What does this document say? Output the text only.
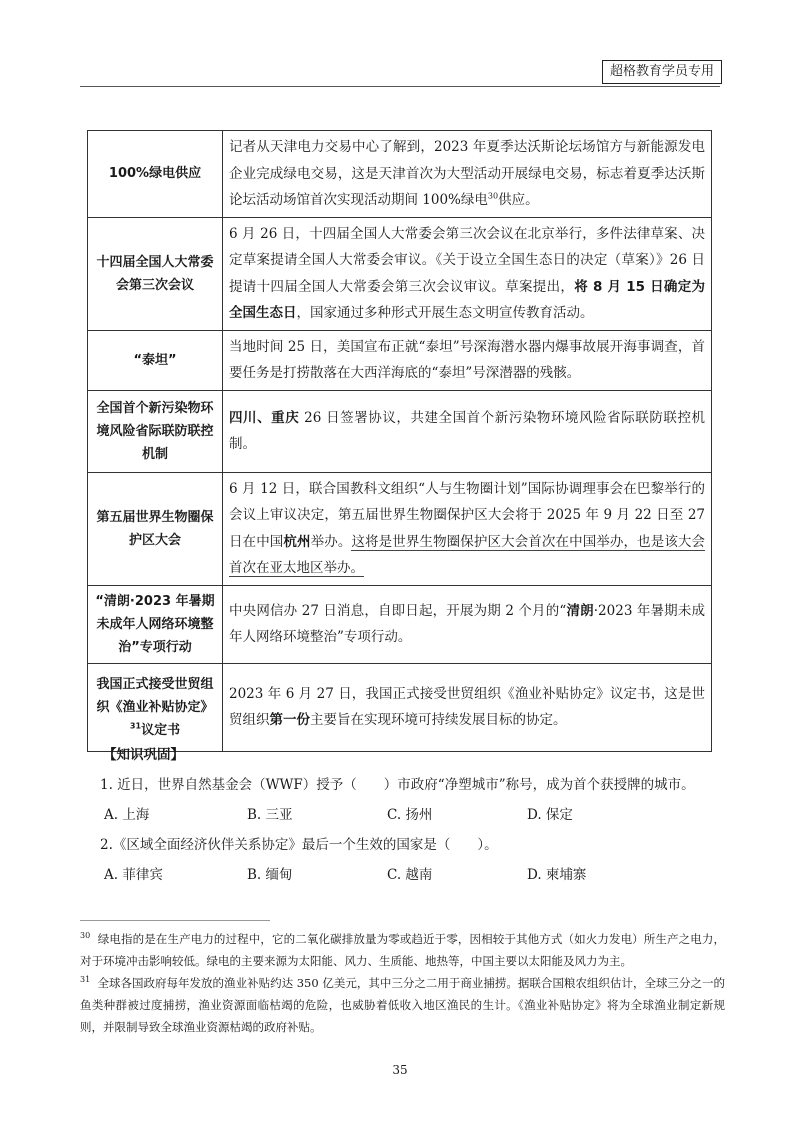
超格教育学员专用
100%绿电供应	记者从天津电力交易中心了解到，2023 年夏季达沃斯论坛场馆方与新能源发电企业完成绿电交易，这是天津首次为大型活动开展绿电交易，标志着夏季达沃斯论坛活动场馆首次实现活动期间 100%绿电$^{30}$供应。
十四届全国人大常委会第三次会议	6 月 26 日，十四届全国人大常委会第三次会议在北京举行，多件法律草案、决定草案提请全国人大常委会审议。《关于设立全国生态日的决定（草案）》26 日提请十四届全国人大常委会第三次会议审议。草案提出，将 8 月 15 日确定为全国生态日，国家通过多种形式开展生态文明宣传教育活动。
“泰坦”	当地时间 25 日，美国宣布正就“泰坦”号深海潜水器内爆事故展开海事调查，首要任务是打捞散落在大西洋海底的“泰坦”号深潜器的残骸。
全国首个新污染物环境风险省际联防联控机制	四川、重庆 26 日签署协议，共建全国首个新污染物环境风险省际联防联控机制。
第五届世界生物圈保护区大会	6 月 12 日，联合国教科文组织“人与生物圈计划”国际协调理事会在巴黎举行的会议上审议决定，第五届世界生物圈保护区大会将于 2025 年 9 月 22 日至 27 日在中国杭州举办。这将是世界生物圈保护区大会首次在中国举办，也是该大会首次在亚太地区举办。
“清朗·2023 年暑期未成年人网络环境整治”专项行动	中央网信办 27 日消息，自即日起，开展为期 2 个月的“清朗·2023 年暑期未成年人网络环境整治”专项行动。
我国正式接受世贸组织《渔业补贴协定》$^{31}$议定书	2023 年 6 月 27 日，我国正式接受世贸组织《渔业补贴协定》议定书，这是世贸组织第一份主要旨在实现环境可持续发展目标的协定。
【知识巩固】
1. 近日，世界自然基金会（WWF）授予（　　）市政府“净塑城市”称号，成为首个获授牌的城市。
A. 上海	B. 三亚	C. 扬州	D. 保定
2.《区域全面经济伙伴关系协定》最后一个生效的国家是（　　）。
A. 菲律宾	B. 缅甸	C. 越南	D. 柬埔寨

$^{30}$ 绿电指的是在生产电力的过程中，它的二氧化碳排放量为零或趋近于零，因相较于其他方式（如火力发电）所生产之电力，对于环境冲击影响较低。绿电的主要来源为太阳能、风力、生质能、地热等，中国主要以太阳能及风力为主。

$^{31}$ 全球各国政府每年发放的渔业补贴约达 350 亿美元，其中三分之二用于商业捕捞。据联合国粮农组织估计，全球三分之一的鱼类种群被过度捕捞，渔业资源面临枯竭的危险，也威胁着低收入地区渔民的生计。《渔业补贴协定》将为全球渔业制定新规则，并限制导致全球渔业资源枯竭的政府补贴。

35
